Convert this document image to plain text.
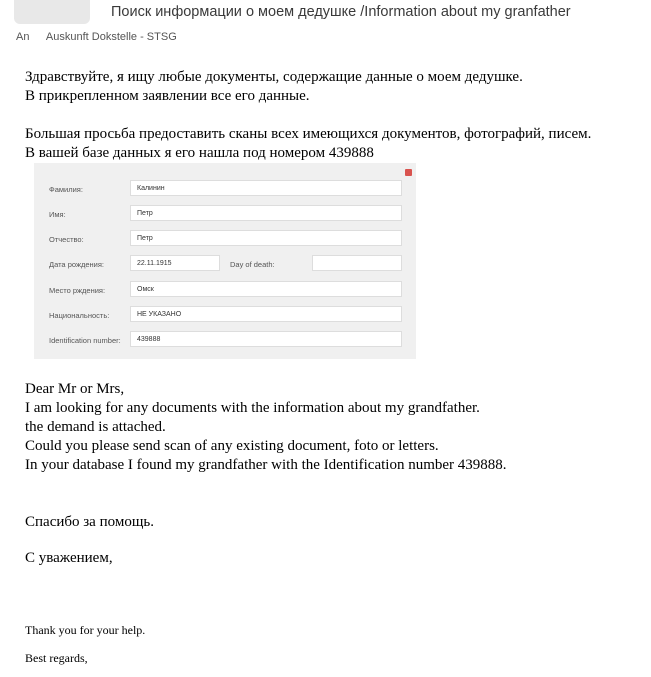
Поиск информации о моем дедушке /Information about my granfather
An Auskunft Dokstelle - STSG
Здравствуйте, я ищу любые документы, содержащие данные о моем дедушке.
В прикрепленном заявлении все его данные.
Большая просьба предоставить сканы всех имеющихся документов, фотографий, писем.
В вашей базе данных я его нашла под номером 439888
Фамилия:	Калинин
Имя:	Петр
Отчество:	Петр
Дата рождения:	22.11.1915	Day of death:
Место рждения:	Омск
Национальность:	НЕ УКАЗАНО
Identification number:	439888
Dear Mr or Mrs,
I am looking for any documents with the information about my grandfather.
the demand is attached.
Could you please send scan of any existing document, foto or letters.
In your database I found my grandfather with the Identification number 439888.
Спасибо за помощь.
С уважением,
Thank you for your help.
Best regards,
